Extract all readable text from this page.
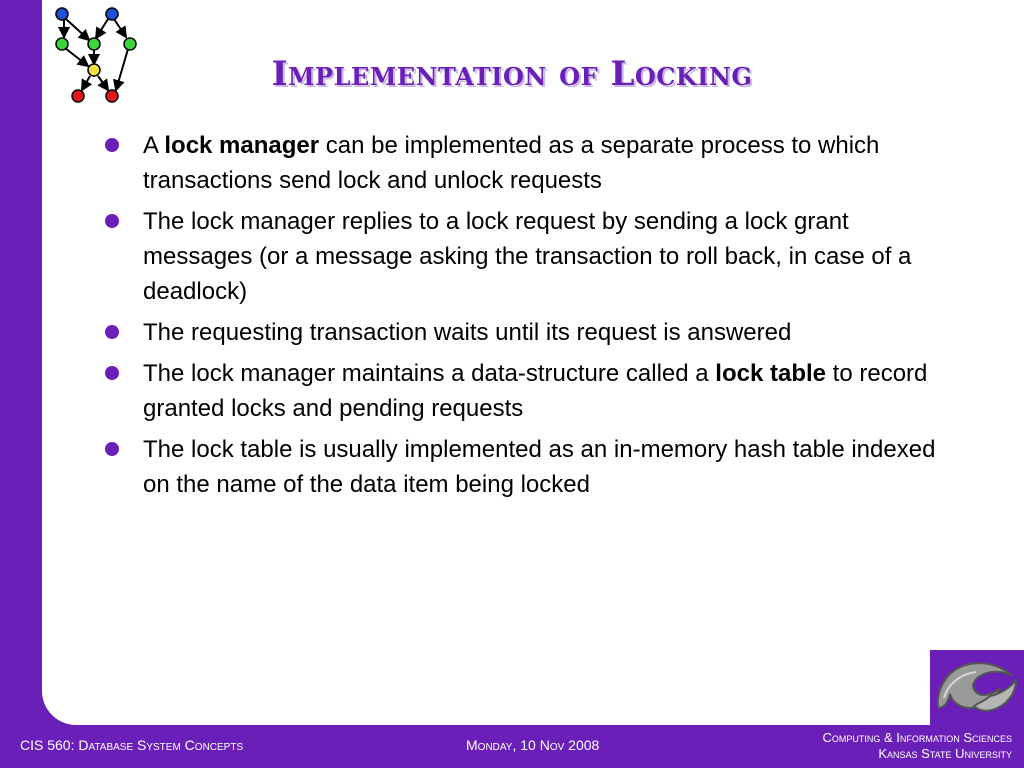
Implementation of Locking
A lock manager can be implemented as a separate process to which transactions send lock and unlock requests
The lock manager replies to a lock request by sending a lock grant messages (or a message asking the transaction to roll back, in case of a deadlock)
The requesting transaction waits until its request is answered
The lock manager maintains a data-structure called a lock table to record granted locks and pending requests
The lock table is usually implemented as an in-memory hash table indexed on the name of the data item being locked
CIS 560: Database System Concepts	Monday, 10 Nov 2008	Computing & Information Sciences
Kansas State University
